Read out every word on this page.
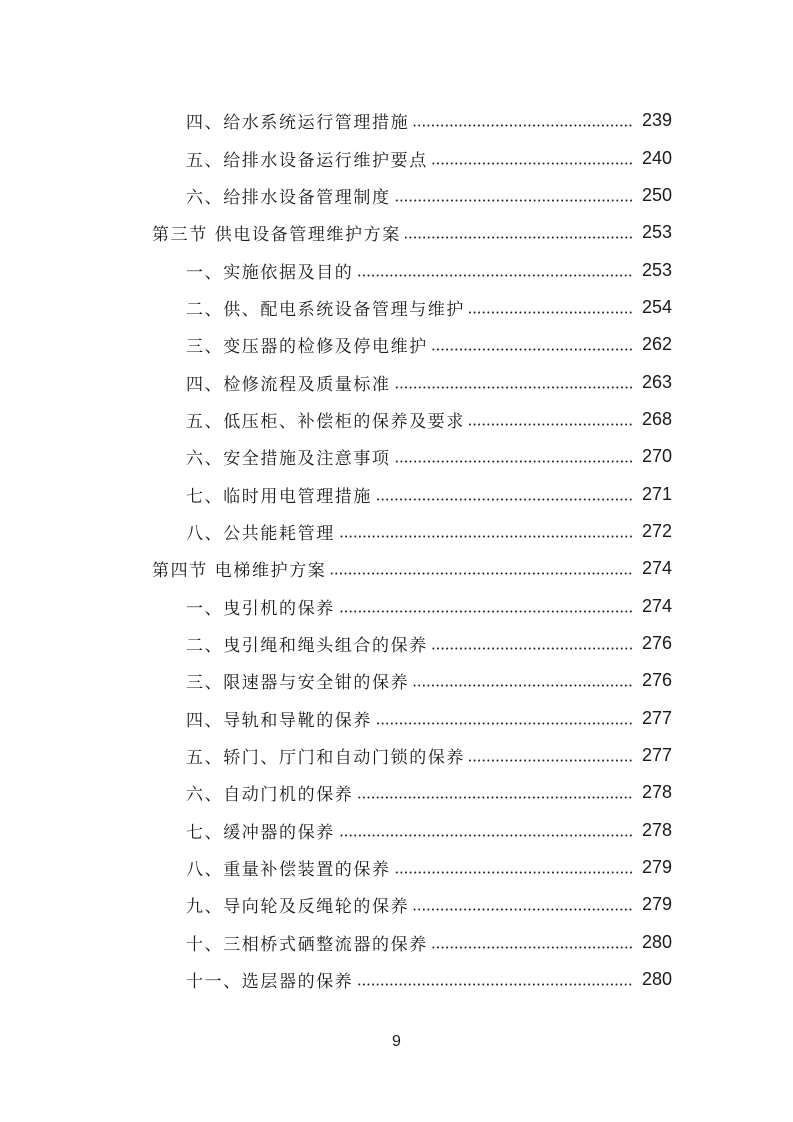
四、给水系统运行管理措施	239
五、给排水设备运行维护要点	240
六、给排水设备管理制度	250
第三节 供电设备管理维护方案	253
一、实施依据及目的	253
二、供、配电系统设备管理与维护	254
三、变压器的检修及停电维护	262
四、检修流程及质量标准	263
五、低压柜、补偿柜的保养及要求	268
六、安全措施及注意事项	270
七、临时用电管理措施	271
八、公共能耗管理	272
第四节 电梯维护方案	274
一、曳引机的保养	274
二、曳引绳和绳头组合的保养	276
三、限速器与安全钳的保养	276
四、导轨和导靴的保养	277
五、轿门、厅门和自动门锁的保养	277
六、自动门机的保养	278
七、缓冲器的保养	278
八、重量补偿装置的保养	279
九、导向轮及反绳轮的保养	279
十、三相桥式硒整流器的保养	280
十一、选层器的保养	280
9
